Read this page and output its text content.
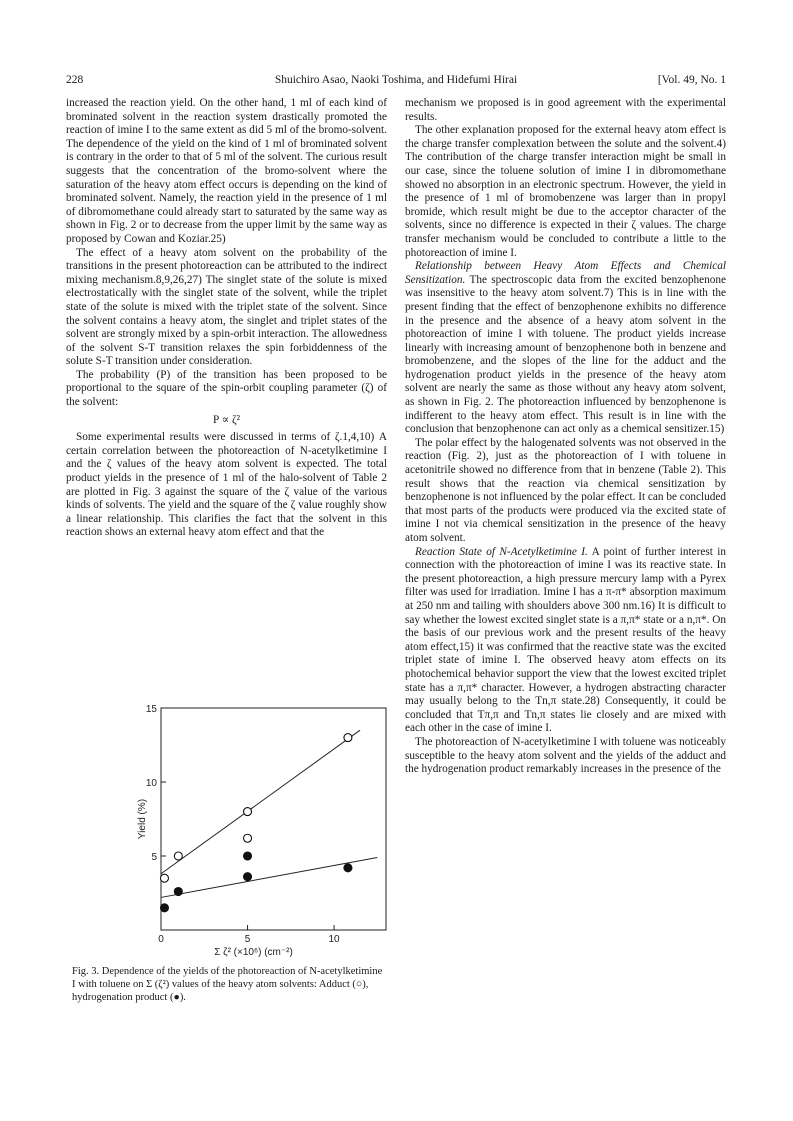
228	Shuichiro Asao, Naoki Toshima, and Hidefumi Hirai	[Vol. 49, No. 1

increased the reaction yield. On the other hand, 1 ml of each kind of brominated solvent in the reaction system drastically promoted the reaction of imine I to the same extent as did 5 ml of the bromo-solvent. The dependence of the yield on the kind of 1 ml of brominated solvent is contrary in the order to that of 5 ml of the solvent. The curious result suggests that the concentration of the bromo-solvent where the saturation of the heavy atom effect occurs is depending on the kind of brominated solvent. Namely, the reaction yield in the presence of 1 ml of dibromomethane could already start to saturated by the same way as shown in Fig. 2 or to decrease from the upper limit by the same way as proposed by Cowan and Koziar.25)

The effect of a heavy atom solvent on the probability of the transitions in the present photoreaction can be attributed to the indirect mixing mechanism.8,9,26,27) The singlet state of the solute is mixed electrostatically with the singlet state of the solvent, while the triplet state of the solute is mixed with the triplet state of the solvent. Since the solvent contains a heavy atom, the singlet and triplet states of the solvent are strongly mixed by a spin-orbit interaction. The allowedness of the solvent S-T transition relaxes the spin forbiddenness of the solute S-T transition under consideration.

The probability (P) of the transition has been proposed to be proportional to the square of the spin-orbit coupling parameter (ζ) of the solvent:

P ∝ ζ²

Some experimental results were discussed in terms of ζ.1,4,10) A certain correlation between the photoreaction of N-acetylketimine I and the ζ values of the heavy atom solvent is expected. The total product yields in the presence of 1 ml of the halo-solvent of Table 2 are plotted in Fig. 3 against the square of the ζ value of the various kinds of solvents. The yield and the square of the ζ value roughly show a linear relationship. This clarifies the fact that the solvent in this reaction shows an external heavy atom effect and that the

5
10
15
0	5	10
Yield (%)
Σ ζ² (×10⁶) (cm⁻²)
Fig. 3. Dependence of the yields of the photoreaction of N-acetylketimine I with toluene on Σ (ζ²) values of the heavy atom solvents: Adduct (○), hydrogenation product (●).

mechanism we proposed is in good agreement with the experimental results.

The other explanation proposed for the external heavy atom effect is the charge transfer complexation between the solute and the solvent.4) The contribution of the charge transfer interaction might be small in our case, since the toluene solution of imine I in dibromomethane showed no absorption in an electronic spectrum. However, the yield in the presence of 1 ml of bromobenzene was larger than in propyl bromide, which result might be due to the acceptor character of the solvents, since no difference is expected in their ζ values. The charge transfer mechanism would be concluded to contribute a little to the photoreaction of imine I.

Relationship between Heavy Atom Effects and Chemical Sensitization. The spectroscopic data from the excited benzophenone was insensitive to the heavy atom solvent.7) This is in line with the present finding that the effect of benzophenone exhibits no difference in the presence and the absence of a heavy atom solvent in the photoreaction of imine I with toluene. The product yields increase linearly with increasing amount of benzophenone both in benzene and bromobenzene, and the slopes of the line for the adduct and the hydrogenation product yields in the presence of the heavy atom solvent are nearly the same as those without any heavy atom solvent, as shown in Fig. 2. The photoreaction influenced by benzophenone is indifferent to the heavy atom effect. This result is in line with the conclusion that benzophenone can act only as a chemical sensitizer.15)

The polar effect by the halogenated solvents was not observed in the reaction (Fig. 2), just as the photoreaction of I with toluene in acetonitrile showed no difference from that in benzene (Table 2). This result shows that the reaction via chemical sensitization by benzophenone is not influenced by the polar effect. It can be concluded that most parts of the products were produced via the excited state of imine I not via chemical sensitization in the presence of the heavy atom solvent.

Reaction State of N-Acetylketimine I. A point of further interest in connection with the photoreaction of imine I was its reactive state. In the present photoreaction, a high pressure mercury lamp with a Pyrex filter was used for irradiation. Imine I has a π-π* absorption maximum at 250 nm and tailing with shoulders above 300 nm.16) It is difficult to say whether the lowest excited singlet state is a π,π* state or a n,π*. On the basis of our previous work and the present results of the heavy atom effect,15) it was confirmed that the reactive state was the excited triplet state of imine I. The observed heavy atom effects on its photochemical behavior support the view that the lowest excited triplet state has a π,π* character. However, a hydrogen abstracting character may usually belong to the Tn,π state.28) Consequently, it could be concluded that Tπ,π and Tn,π states lie closely and are mixed with each other in the case of imine I.

The photoreaction of N-acetylketimine I with toluene was noticeably susceptible to the heavy atom solvent and the yields of the adduct and the hydrogenation product remarkably increases in the presence of the
